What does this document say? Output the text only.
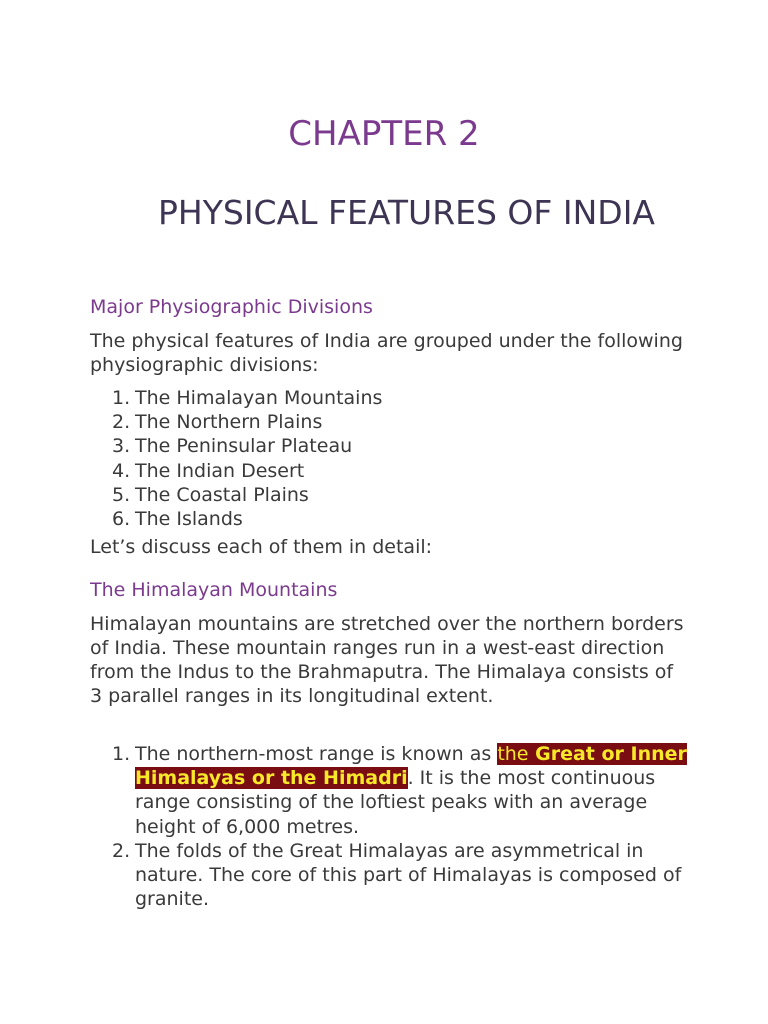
CHAPTER 2
PHYSICAL FEATURES OF INDIA
Major Physiographic Divisions

The physical features of India are grouped under the following physiographic divisions:

1. The Himalayan Mountains
2. The Northern Plains
3. The Peninsular Plateau
4. The Indian Desert
5. The Coastal Plains
6. The Islands

Let’s discuss each of them in detail:

The Himalayan Mountains

Himalayan mountains are stretched over the northern borders of India. These mountain ranges run in a west-east direction from the Indus to the Brahmaputra. The Himalaya consists of 3 parallel ranges in its longitudinal extent.

1. The northern-most range is known as the Great or Inner Himalayas or the Himadri. It is the most continuous range consisting of the loftiest peaks with an average height of 6,000 metres.
2. The folds of the Great Himalayas are asymmetrical in nature. The core of this part of Himalayas is composed of granite.
